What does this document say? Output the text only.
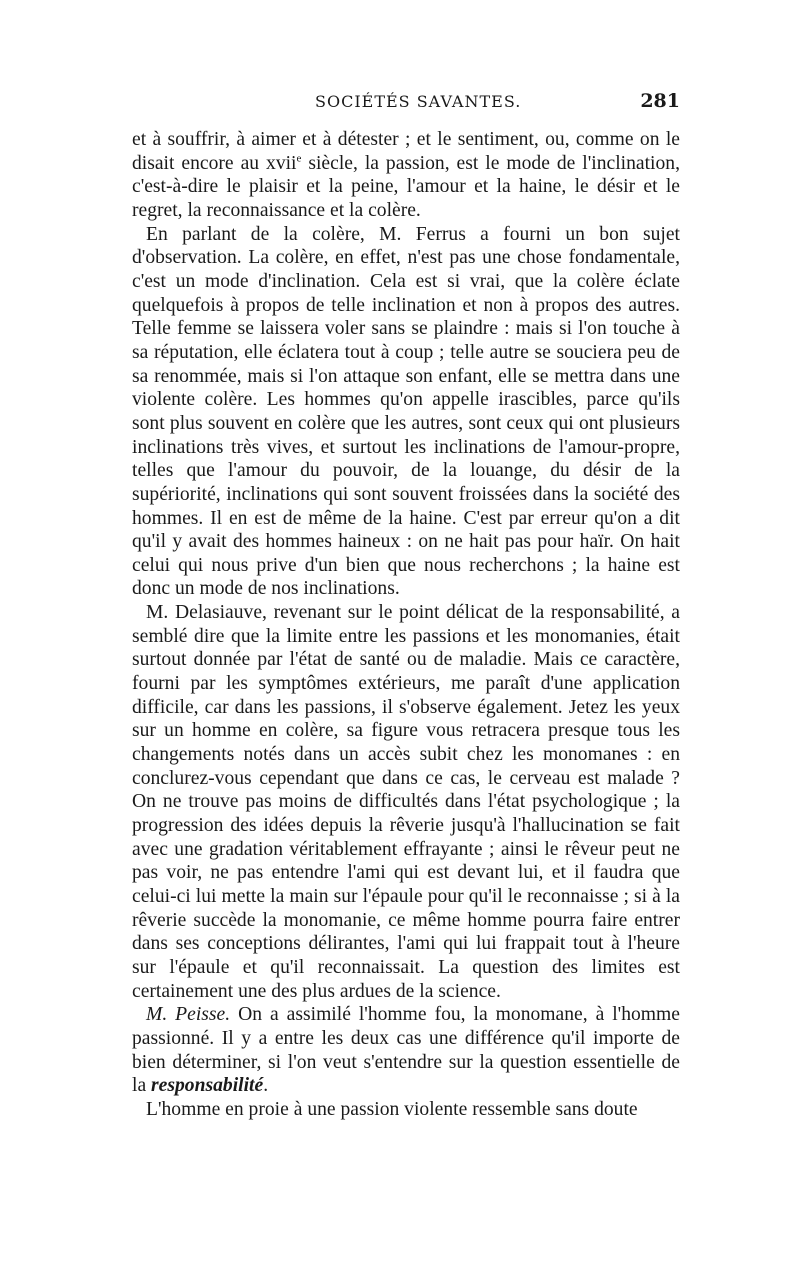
SOCIÉTÉS SAVANTES.	281

et à souffrir, à aimer et à détester ; et le sentiment, ou, comme on le disait encore au xvii$^e$ siècle, la passion, est le mode de l'inclination, c'est-à-dire le plaisir et la peine, l'amour et la haine, le désir et le regret, la reconnaissance et la colère.

En parlant de la colère, M. Ferrus a fourni un bon sujet d'observation. La colère, en effet, n'est pas une chose fondamentale, c'est un mode d'inclination. Cela est si vrai, que la colère éclate quelquefois à propos de telle inclination et non à propos des autres. Telle femme se laissera voler sans se plaindre : mais si l'on touche à sa réputation, elle éclatera tout à coup ; telle autre se souciera peu de sa renommée, mais si l'on attaque son enfant, elle se mettra dans une violente colère. Les hommes qu'on appelle irascibles, parce qu'ils sont plus souvent en colère que les autres, sont ceux qui ont plusieurs inclinations très vives, et surtout les inclinations de l'amour-propre, telles que l'amour du pouvoir, de la louange, du désir de la supériorité, inclinations qui sont souvent froissées dans la société des hommes. Il en est de même de la haine. C'est par erreur qu'on a dit qu'il y avait des hommes haineux : on ne hait pas pour haïr. On hait celui qui nous prive d'un bien que nous recherchons ; la haine est donc un mode de nos inclinations.

M. Delasiauve, revenant sur le point délicat de la responsabilité, a semblé dire que la limite entre les passions et les monomanies, était surtout donnée par l'état de santé ou de maladie. Mais ce caractère, fourni par les symptômes extérieurs, me paraît d'une application difficile, car dans les passions, il s'observe également. Jetez les yeux sur un homme en colère, sa figure vous retracera presque tous les changements notés dans un accès subit chez les monomanes : en conclurez-vous cependant que dans ce cas, le cerveau est malade ? On ne trouve pas moins de difficultés dans l'état psychologique ; la progression des idées depuis la rêverie jusqu'à l'hallucination se fait avec une gradation véritablement effrayante ; ainsi le rêveur peut ne pas voir, ne pas entendre l'ami qui est devant lui, et il faudra que celui-ci lui mette la main sur l'épaule pour qu'il le reconnaisse ; si à la rêverie succède la monomanie, ce même homme pourra faire entrer dans ses conceptions délirantes, l'ami qui lui frappait tout à l'heure sur l'épaule et qu'il reconnaissait. La question des limites est certainement une des plus ardues de la science.

M. Peisse. On a assimilé l'homme fou, la monomane, à l'homme passionné. Il y a entre les deux cas une différence qu'il importe de bien déterminer, si l'on veut s'entendre sur la question essentielle de la responsabilité.

L'homme en proie à une passion violente ressemble sans doute
